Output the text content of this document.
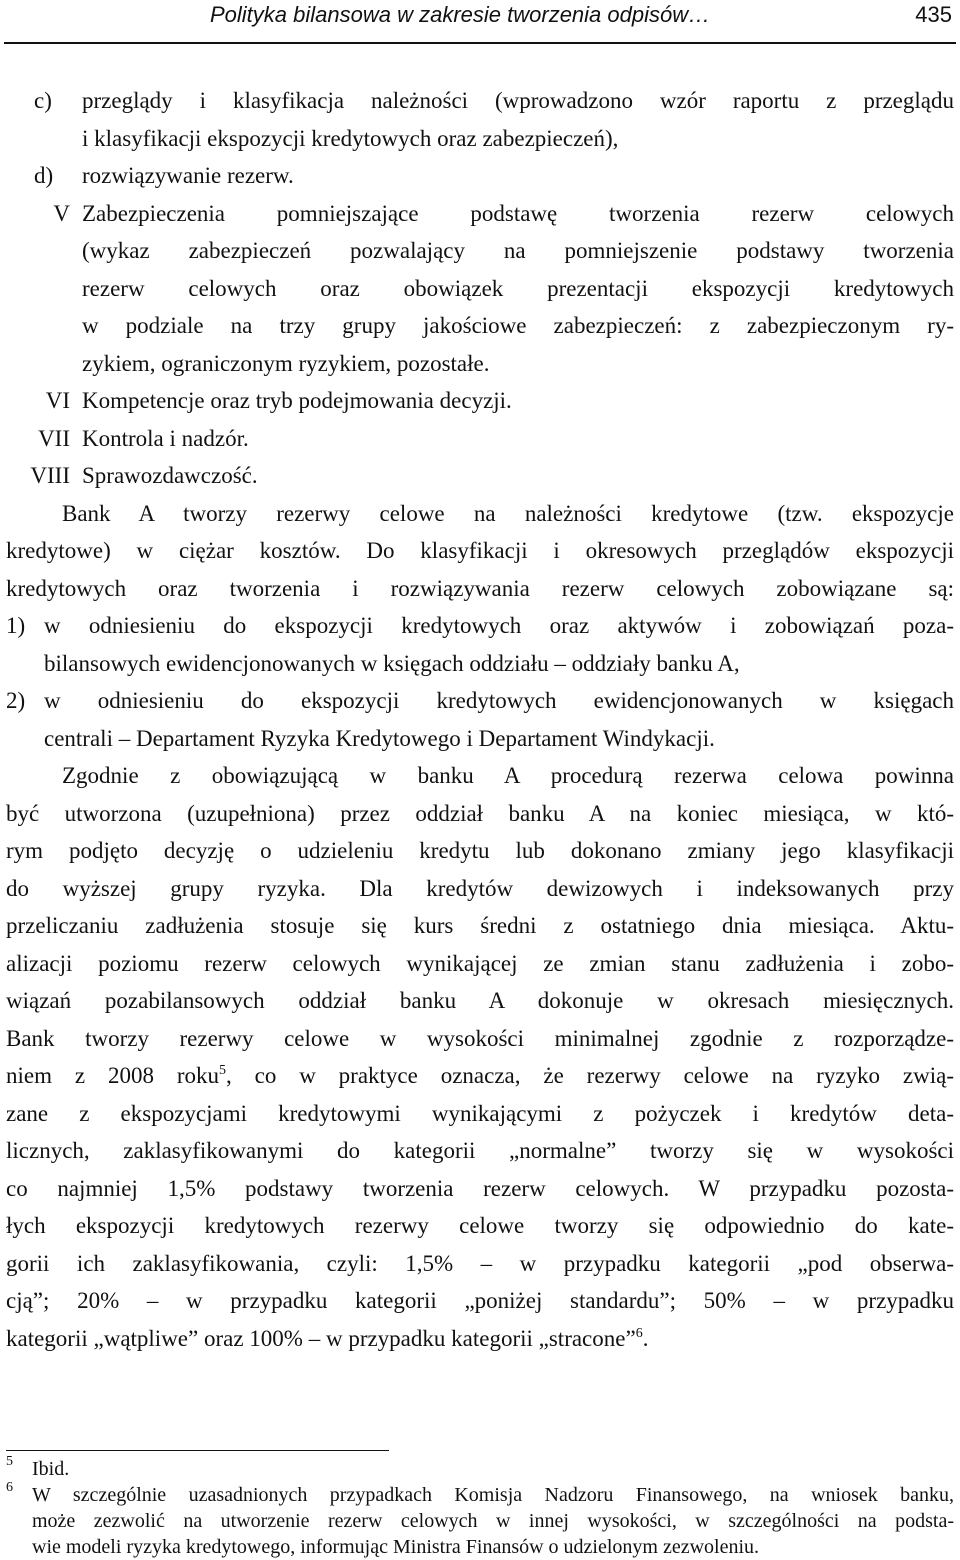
Polityka bilansowa w zakresie tworzenia odpisów…	435
c) przeglądy i klasyfikacja należności (wprowadzono wzór raportu z przeglądu
i klasyfikacji ekspozycji kredytowych oraz zabezpieczeń),
d) rozwiązywanie rezerw.
V Zabezpieczenia pomniejszające podstawę tworzenia rezerw celowych
(wykaz zabezpieczeń pozwalający na pomniejszenie podstawy tworzenia
rezerw celowych oraz obowiązek prezentacji ekspozycji kredytowych
w podziale na trzy grupy jakościowe zabezpieczeń: z zabezpieczonym ry-
zykiem, ograniczonym ryzykiem, pozostałe.
VI Kompetencje oraz tryb podejmowania decyzji.
VII Kontrola i nadzór.
VIII Sprawozdawczość.
Bank A tworzy rezerwy celowe na należności kredytowe (tzw. ekspozycje
kredytowe) w ciężar kosztów. Do klasyfikacji i okresowych przeglądów ekspozycji
kredytowych oraz tworzenia i rozwiązywania rezerw celowych zobowiązane są:
1) w odniesieniu do ekspozycji kredytowych oraz aktywów i zobowiązań poza-
bilansowych ewidencjonowanych w księgach oddziału – oddziały banku A,
2) w odniesieniu do ekspozycji kredytowych ewidencjonowanych w księgach
centrali – Departament Ryzyka Kredytowego i Departament Windykacji.
Zgodnie z obowiązującą w banku A procedurą rezerwa celowa powinna
być utworzona (uzupełniona) przez oddział banku A na koniec miesiąca, w któ-
rym podjęto decyzję o udzieleniu kredytu lub dokonano zmiany jego klasyfikacji
do wyższej grupy ryzyka. Dla kredytów dewizowych i indeksowanych przy
przeliczaniu zadłużenia stosuje się kurs średni z ostatniego dnia miesiąca. Aktu-
alizacji poziomu rezerw celowych wynikającej ze zmian stanu zadłużenia i zobo-
wiązań pozabilansowych oddział banku A dokonuje w okresach miesięcznych.
Bank tworzy rezerwy celowe w wysokości minimalnej zgodnie z rozporządze-
niem z 2008 roku$^5$, co w praktyce oznacza, że rezerwy celowe na ryzyko zwią-
zane z ekspozycjami kredytowymi wynikającymi z pożyczek i kredytów deta-
licznych, zaklasyfikowanymi do kategorii „normalne” tworzy się w wysokości
co najmniej 1,5% podstawy tworzenia rezerw celowych. W przypadku pozosta-
łych ekspozycji kredytowych rezerwy celowe tworzy się odpowiednio do kate-
gorii ich zaklasyfikowania, czyli: 1,5% – w przypadku kategorii „pod obserwa-
cją”; 20% – w przypadku kategorii „poniżej standardu”; 50% – w przypadku
kategorii „wątpliwe” oraz 100% – w przypadku kategorii „stracone”$^6$.
5 Ibid.
6 W szczególnie uzasadnionych przypadkach Komisja Nadzoru Finansowego, na wniosek banku,
może zezwolić na utworzenie rezerw celowych w innej wysokości, w szczególności na podsta-
wie modeli ryzyka kredytowego, informując Ministra Finansów o udzielonym zezwoleniu.
